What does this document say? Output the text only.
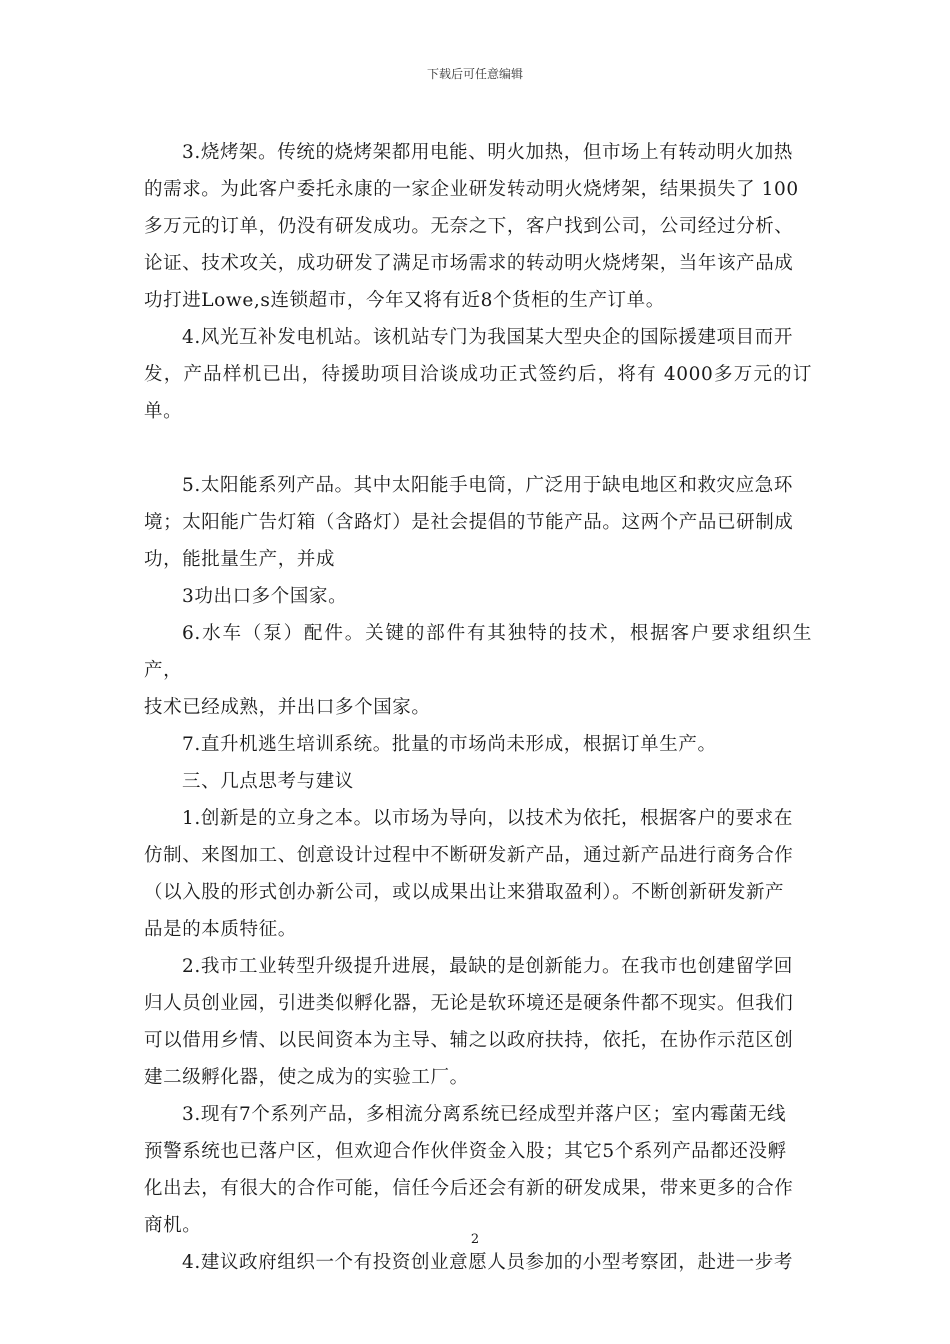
下载后可任意编辑

3.烧烤架。传统的烧烤架都用电能、明火加热，但市场上有转动明火加热
的需求。为此客户委托永康的一家企业研发转动明火烧烤架，结果损失了 100
多万元的订单，仍没有研发成功。无奈之下，客户找到公司，公司经过分析、
论证、技术攻关，成功研发了满足市场需求的转动明火烧烤架，当年该产品成
功打进Lowe,s连锁超市，今年又将有近8个货柜的生产订单。

4.风光互补发电机站。该机站专门为我国某大型央企的国际援建项目而开
发，产品样机已出，待援助项目洽谈成功正式签约后，将有 4000多万元的订单。

5.太阳能系列产品。其中太阳能手电筒，广泛用于缺电地区和救灾应急环
境；太阳能广告灯箱（含路灯）是社会提倡的节能产品。这两个产品已研制成
功，能批量生产，并成

3功出口多个国家。

6.水车（泵）配件。关键的部件有其独特的技术，根据客户要求组织生产，
技术已经成熟，并出口多个国家。

7.直升机逃生培训系统。批量的市场尚未形成，根据订单生产。

三、几点思考与建议

1.创新是的立身之本。以市场为导向，以技术为依托，根据客户的要求在
仿制、来图加工、创意设计过程中不断研发新产品，通过新产品进行商务合作
（以入股的形式创办新公司，或以成果出让来猎取盈利）。不断创新研发新产
品是的本质特征。

2.我市工业转型升级提升进展，最缺的是创新能力。在我市也创建留学回
归人员创业园，引进类似孵化器，无论是软环境还是硬条件都不现实。但我们
可以借用乡情、以民间资本为主导、辅之以政府扶持，依托，在协作示范区创
建二级孵化器，使之成为的实验工厂。

3.现有7个系列产品，多相流分离系统已经成型并落户区；室内霉菌无线
预警系统也已落户区，但欢迎合作伙伴资金入股；其它5个系列产品都还没孵
化出去，有很大的合作可能，信任今后还会有新的研发成果，带来更多的合作
商机。

4.建议政府组织一个有投资创业意愿人员参加的小型考察团，赴进一步考

2
